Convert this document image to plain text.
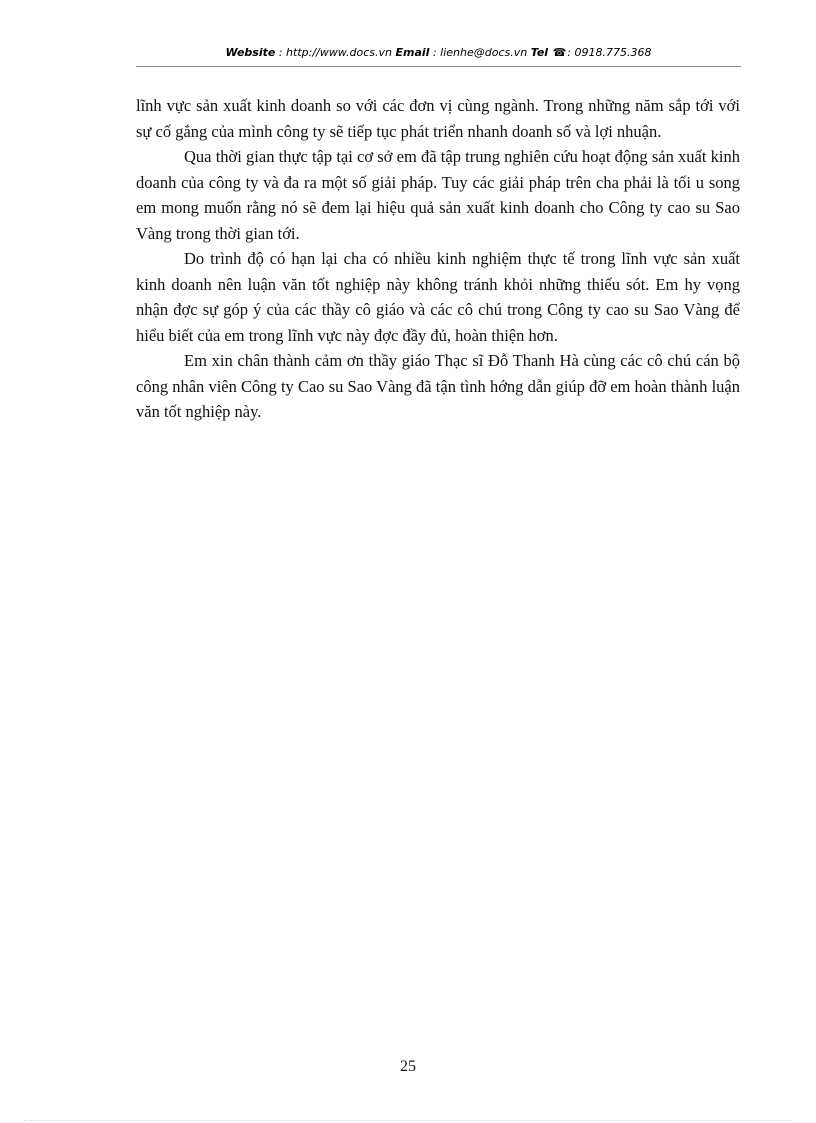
Website : http://www.docs.vn Email : lienhe@docs.vn Tel ☎: 0918.775.368

lĩnh vực sản xuất kinh doanh so với các đơn vị cùng ngành. Trong những năm sắp tới với sự cố gắng của mình công ty sẽ tiếp tục phát triển nhanh doanh số và lợi nhuận.

Qua thời gian thực tập tại cơ sở em đã tập trung nghiên cứu hoạt động sản xuất kinh doanh của công ty và đa ra một số giải pháp. Tuy các giải pháp trên cha phải là tối u song em mong muốn rằng nó sẽ đem lại hiệu quả sản xuất kinh doanh cho Công ty cao su Sao Vàng trong thời gian tới.

Do trình độ có hạn lại cha có nhiều kinh nghiệm thực tế trong lĩnh vực sản xuất kinh doanh nên luận văn tốt nghiệp này không tránh khỏi những thiếu sót. Em hy vọng nhận đợc sự góp ý của các thầy cô giáo và các cô chú trong Công ty cao su Sao Vàng để hiểu biết của em trong lĩnh vực này đợc đầy đủ, hoàn thiện hơn.

Em xin chân thành cảm ơn thầy giáo Thạc sĩ Đỗ Thanh Hà cùng các cô chú cán bộ công nhân viên Công ty Cao su Sao Vàng đã tận tình hớng dẫn giúp đỡ em hoàn thành luận văn tốt nghiệp này.

25
